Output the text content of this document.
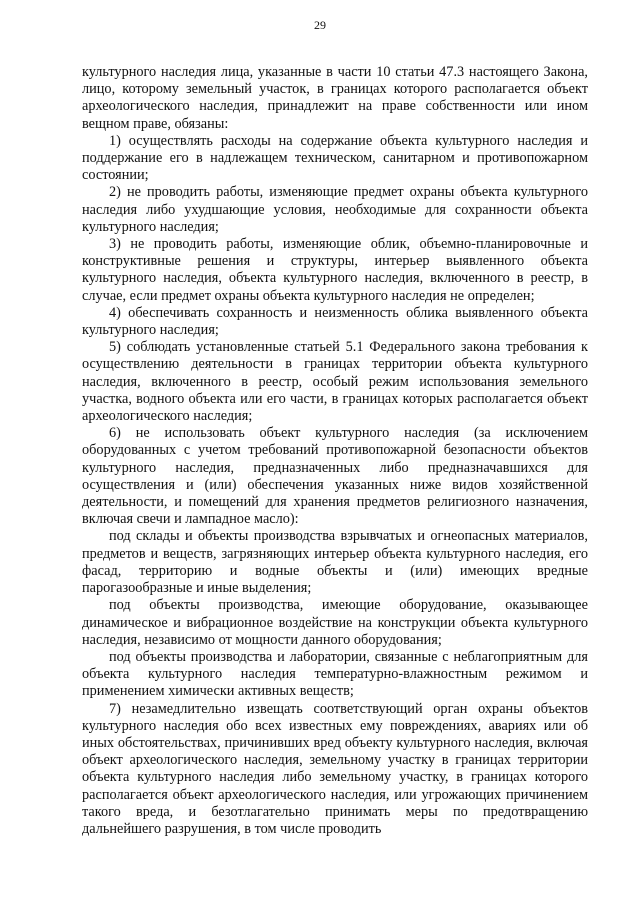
29

культурного наследия лица, указанные в части 10 статьи 47.3 настоящего Закона, лицо, которому земельный участок, в границах которого располагается объект археологического наследия, принадлежит на праве собственности или ином вещном праве, обязаны:

1) осуществлять расходы на содержание объекта культурного наследия и поддержание его в надлежащем техническом, санитарном и противопожарном состоянии;

2) не проводить работы, изменяющие предмет охраны объекта культурного наследия либо ухудшающие условия, необходимые для сохранности объекта культурного наследия;

3) не проводить работы, изменяющие облик, объемно-планировочные и конструктивные решения и структуры, интерьер выявленного объекта культурного наследия, объекта культурного наследия, включенного в реестр, в случае, если предмет охраны объекта культурного наследия не определен;

4) обеспечивать сохранность и неизменность облика выявленного объекта культурного наследия;

5) соблюдать установленные статьей 5.1 Федерального закона требования к осуществлению деятельности в границах территории объекта культурного наследия, включенного в реестр, особый режим использования земельного участка, водного объекта или его части, в границах которых располагается объект археологического наследия;

6) не использовать объект культурного наследия (за исключением оборудованных с учетом требований противопожарной безопасности объектов культурного наследия, предназначенных либо предназначавшихся для осуществления и (или) обеспечения указанных ниже видов хозяйственной деятельности, и помещений для хранения предметов религиозного назначения, включая свечи и лампадное масло):

под склады и объекты производства взрывчатых и огнеопасных материалов, предметов и веществ, загрязняющих интерьер объекта культурного наследия, его фасад, территорию и водные объекты и (или) имеющих вредные парогазообразные и иные выделения;

под объекты производства, имеющие оборудование, оказывающее динамическое и вибрационное воздействие на конструкции объекта культурного наследия, независимо от мощности данного оборудования;

под объекты производства и лаборатории, связанные с неблагоприятным для объекта культурного наследия температурно-влажностным режимом и применением химически активных веществ;

7) незамедлительно извещать соответствующий орган охраны объектов культурного наследия обо всех известных ему повреждениях, авариях или об иных обстоятельствах, причинивших вред объекту культурного наследия, включая объект археологического наследия, земельному участку в границах территории объекта культурного наследия либо земельному участку, в границах которого располагается объект археологического наследия, или угрожающих причинением такого вреда, и безотлагательно принимать меры по предотвращению дальнейшего разрушения, в том числе проводить
